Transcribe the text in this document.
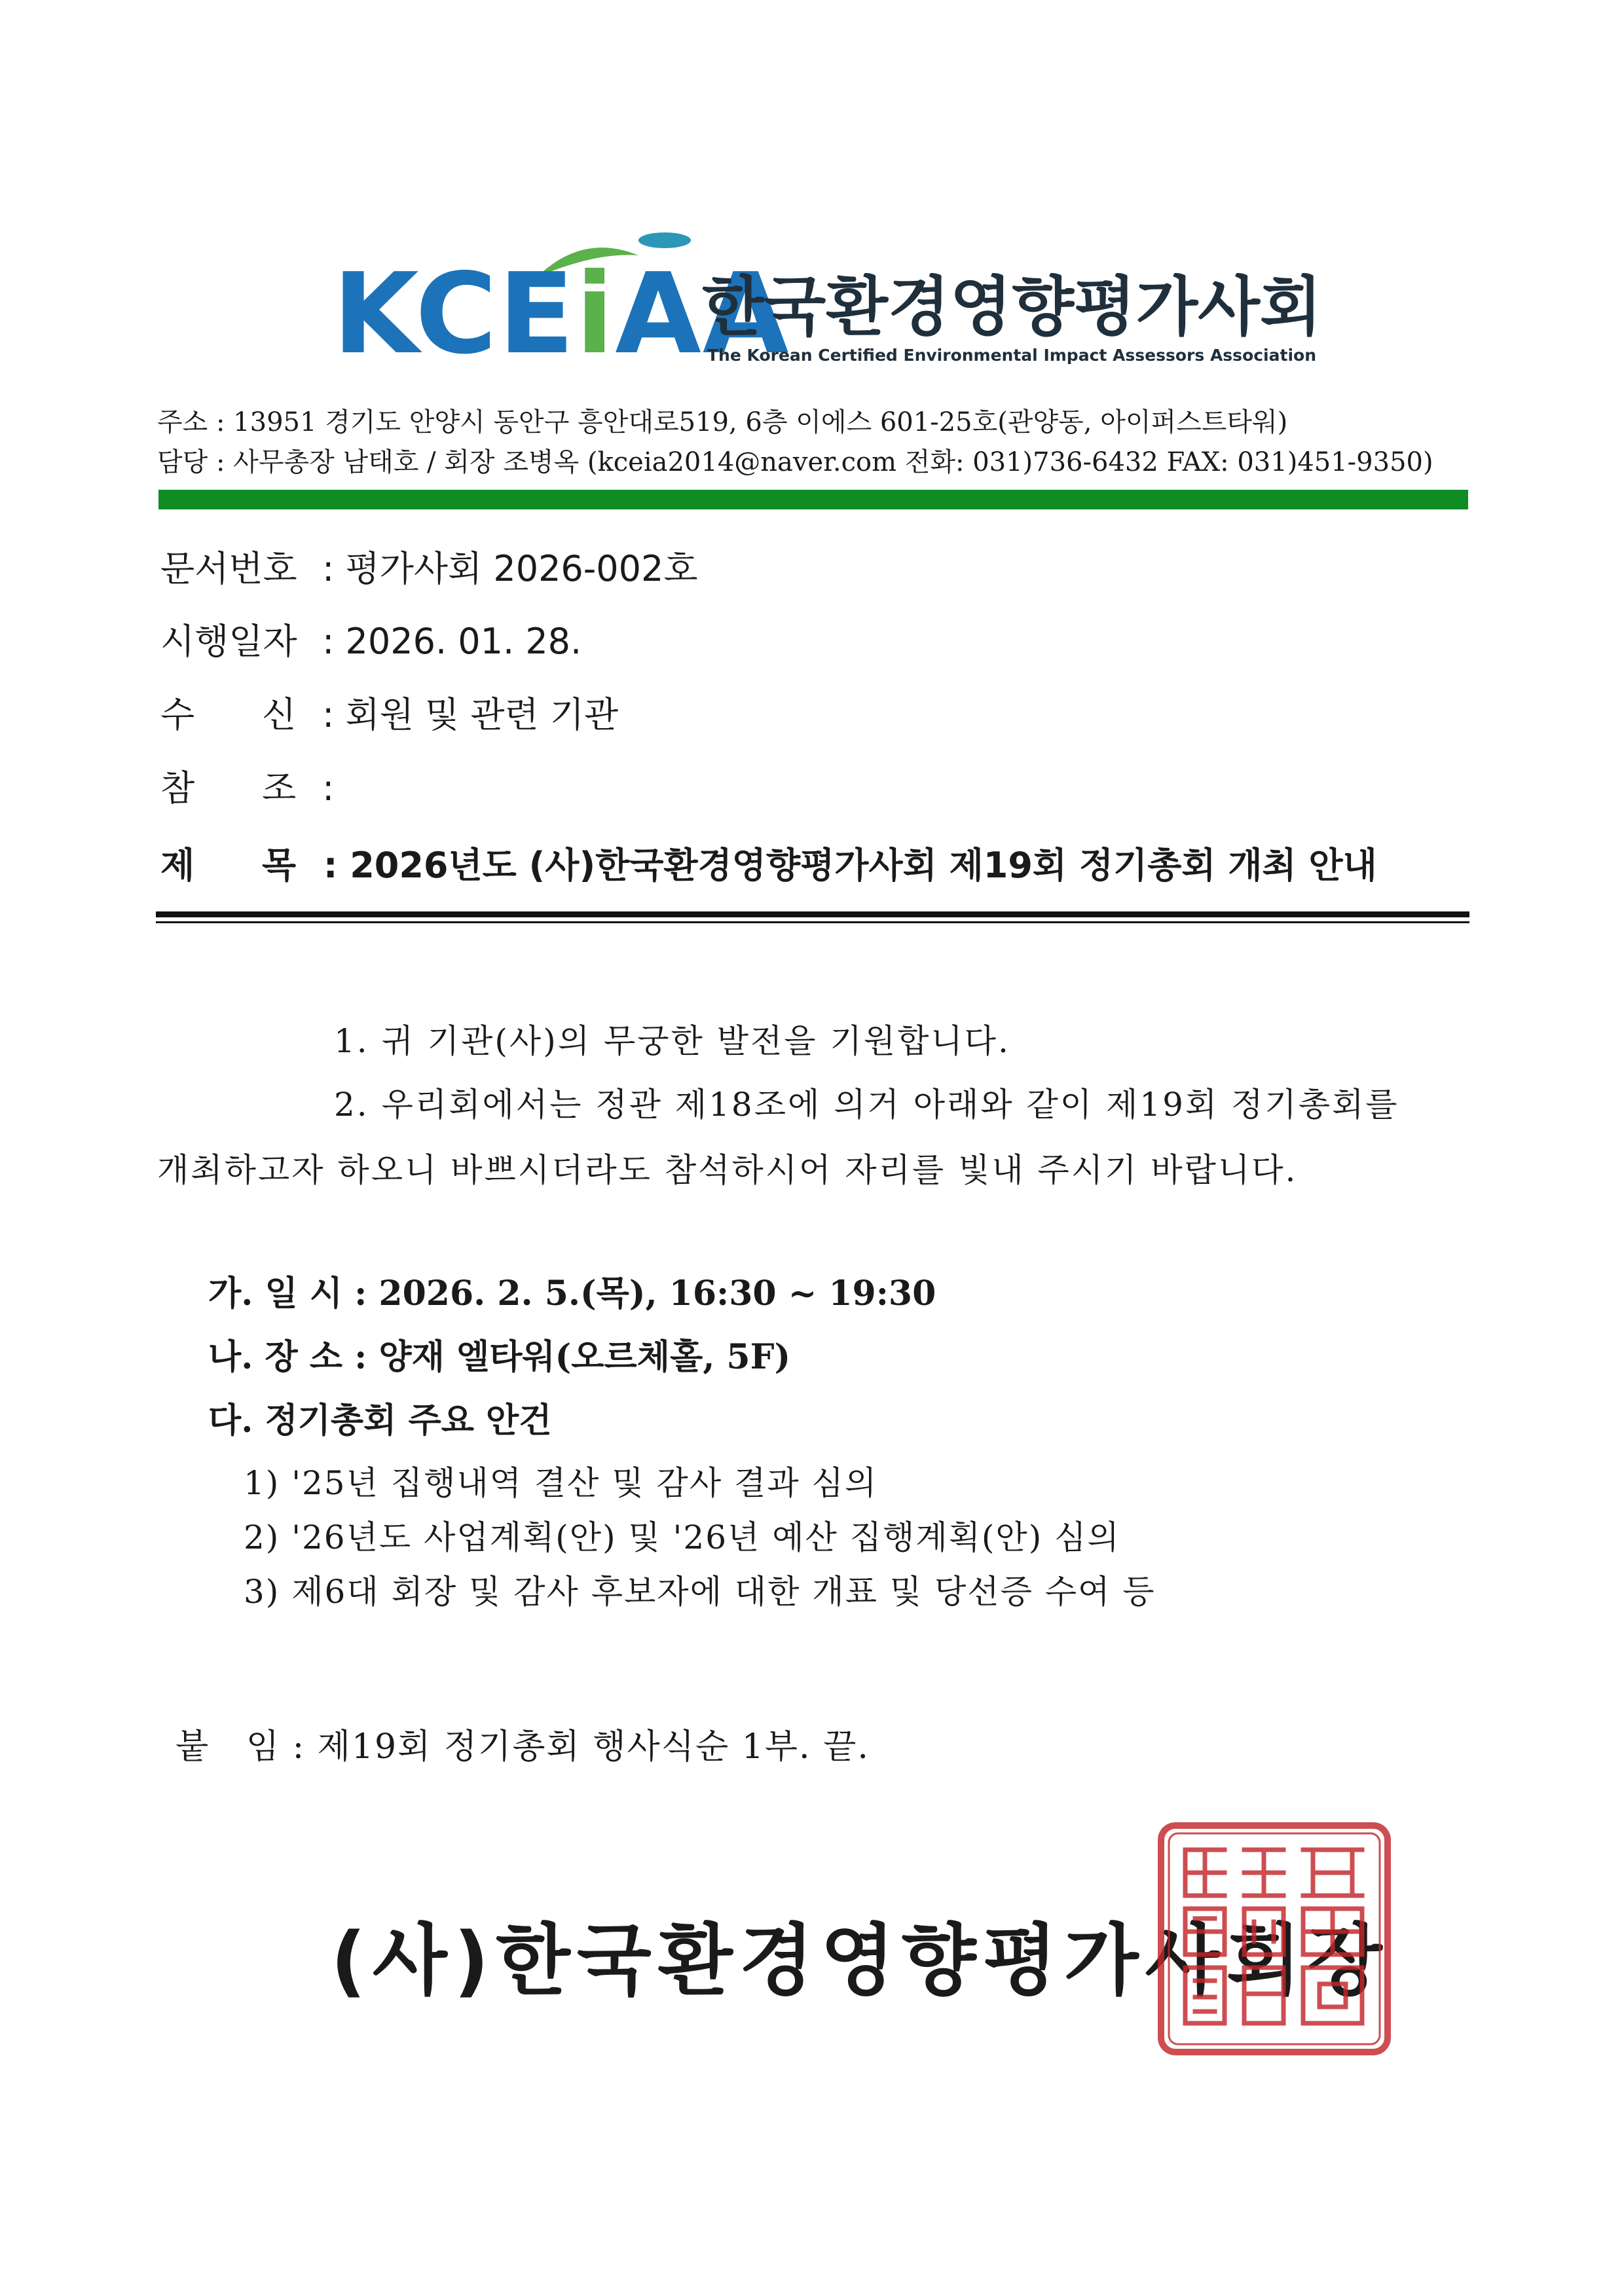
KCEiAA
한국환경영향평가사회
The Korean Certified Environmental Impact Assessors Association
주소 : 13951 경기도 안양시 동안구 흥안대로519, 6층 이에스 601-25호(관양동, 아이퍼스트타워)
담당 : 사무총장 남태호 / 회장 조병옥 (kceia2014@naver.com 전화: 031)736-6432 FAX: 031)451-9350)
문서번호 : 평가사회 2026-002호
시행일자 : 2026. 01. 28.
수 신 : 회원 및 관련 기관
참 조 :
제 목 : 2026년도 (사)한국환경영향평가사회 제19회 정기총회 개최 안내
1. 귀 기관(사)의 무궁한 발전을 기원합니다.
2. 우리회에서는 정관 제18조에 의거 아래와 같이 제19회 정기총회를
개최하고자 하오니 바쁘시더라도 참석하시어 자리를 빛내 주시기 바랍니다.
가. 일 시 : 2026. 2. 5.(목), 16:30 ~ 19:30
나. 장 소 : 양재 엘타워(오르체홀, 5F)
다. 정기총회 주요 안건
1) '25년 집행내역 결산 및 감사 결과 심의
2) '26년도 사업계획(안) 및 '26년 예산 집행계획(안) 심의
3) 제6대 회장 및 감사 후보자에 대한 개표 및 당선증 수여 등
붙   임 : 제19회 정기총회 행사식순 1부. 끝.
(사)한국환경영향평가사회장
